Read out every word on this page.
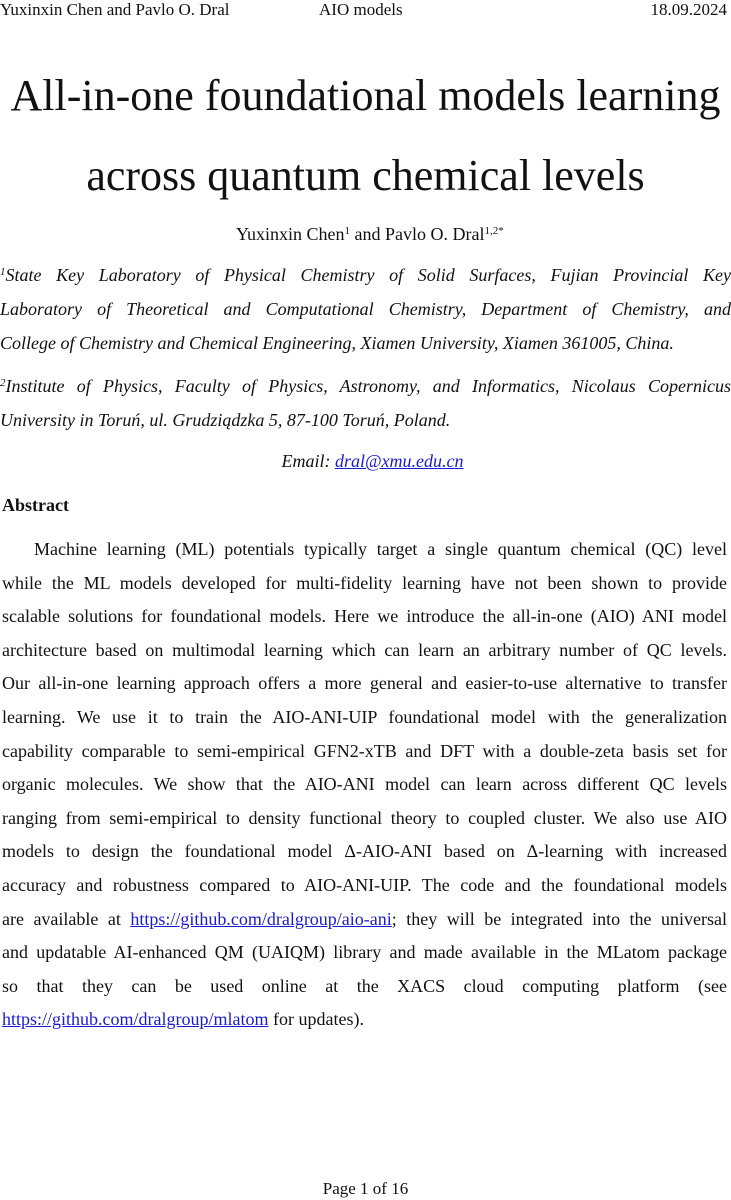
Yuxinxin Chen and Pavlo O. Dral	AIO models	18.09.2024
All-in-one foundational models learning
across quantum chemical levels
Yuxinxin Chen$^1$ and Pavlo O. Dral$^{1,2*}$
$^1$State Key Laboratory of Physical Chemistry of Solid Surfaces, Fujian Provincial Key
Laboratory of Theoretical and Computational Chemistry, Department of Chemistry, and
College of Chemistry and Chemical Engineering, Xiamen University, Xiamen 361005, China.
$^2$Institute of Physics, Faculty of Physics, Astronomy, and Informatics, Nicolaus Copernicus
University in Toruń, ul. Grudziądzka 5, 87-100 Toruń, Poland.
Email: dral@xmu.edu.cn
Abstract
Machine learning (ML) potentials typically target a single quantum chemical (QC) level
while the ML models developed for multi-fidelity learning have not been shown to provide
scalable solutions for foundational models. Here we introduce the all-in-one (AIO) ANI model
architecture based on multimodal learning which can learn an arbitrary number of QC levels.
Our all-in-one learning approach offers a more general and easier-to-use alternative to transfer
learning. We use it to train the AIO-ANI-UIP foundational model with the generalization
capability comparable to semi-empirical GFN2-xTB and DFT with a double-zeta basis set for
organic molecules. We show that the AIO-ANI model can learn across different QC levels
ranging from semi-empirical to density functional theory to coupled cluster. We also use AIO
models to design the foundational model Δ-AIO-ANI based on Δ-learning with increased
accuracy and robustness compared to AIO-ANI-UIP. The code and the foundational models
are available at https://github.com/dralgroup/aio-ani; they will be integrated into the universal
and updatable AI-enhanced QM (UAIQM) library and made available in the MLatom package
so that they can be used online at the XACS cloud computing platform (see
https://github.com/dralgroup/mlatom for updates).
Page 1 of 16
